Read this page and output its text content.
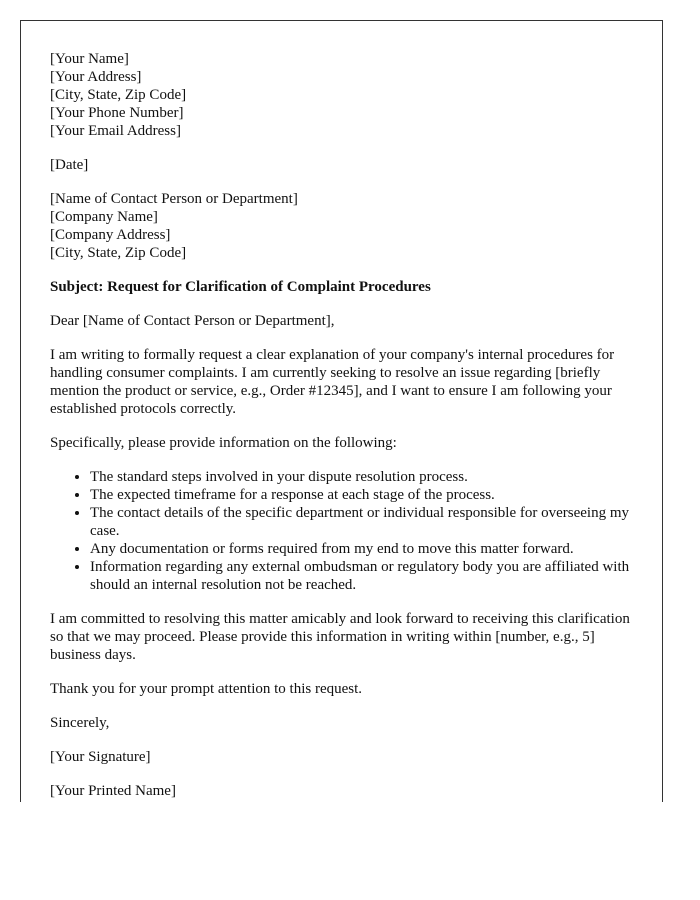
[Your Name]
[Your Address]
[City, State, Zip Code]
[Your Phone Number]
[Your Email Address]

[Date]

[Name of Contact Person or Department]
[Company Name]
[Company Address]
[City, State, Zip Code]

Subject: Request for Clarification of Complaint Procedures

Dear [Name of Contact Person or Department],

I am writing to formally request a clear explanation of your company's internal procedures for handling consumer complaints. I am currently seeking to resolve an issue regarding [briefly mention the product or service, e.g., Order #12345], and I want to ensure I am following your established protocols correctly.

Specifically, please provide information on the following:

• The standard steps involved in your dispute resolution process.
• The expected timeframe for a response at each stage of the process.
• The contact details of the specific department or individual responsible for overseeing my case.
• Any documentation or forms required from my end to move this matter forward.
• Information regarding any external ombudsman or regulatory body you are affiliated with should an internal resolution not be reached.

I am committed to resolving this matter amicably and look forward to receiving this clarification so that we may proceed. Please provide this information in writing within [number, e.g., 5] business days.

Thank you for your prompt attention to this request.

Sincerely,

[Your Signature]

[Your Printed Name]
